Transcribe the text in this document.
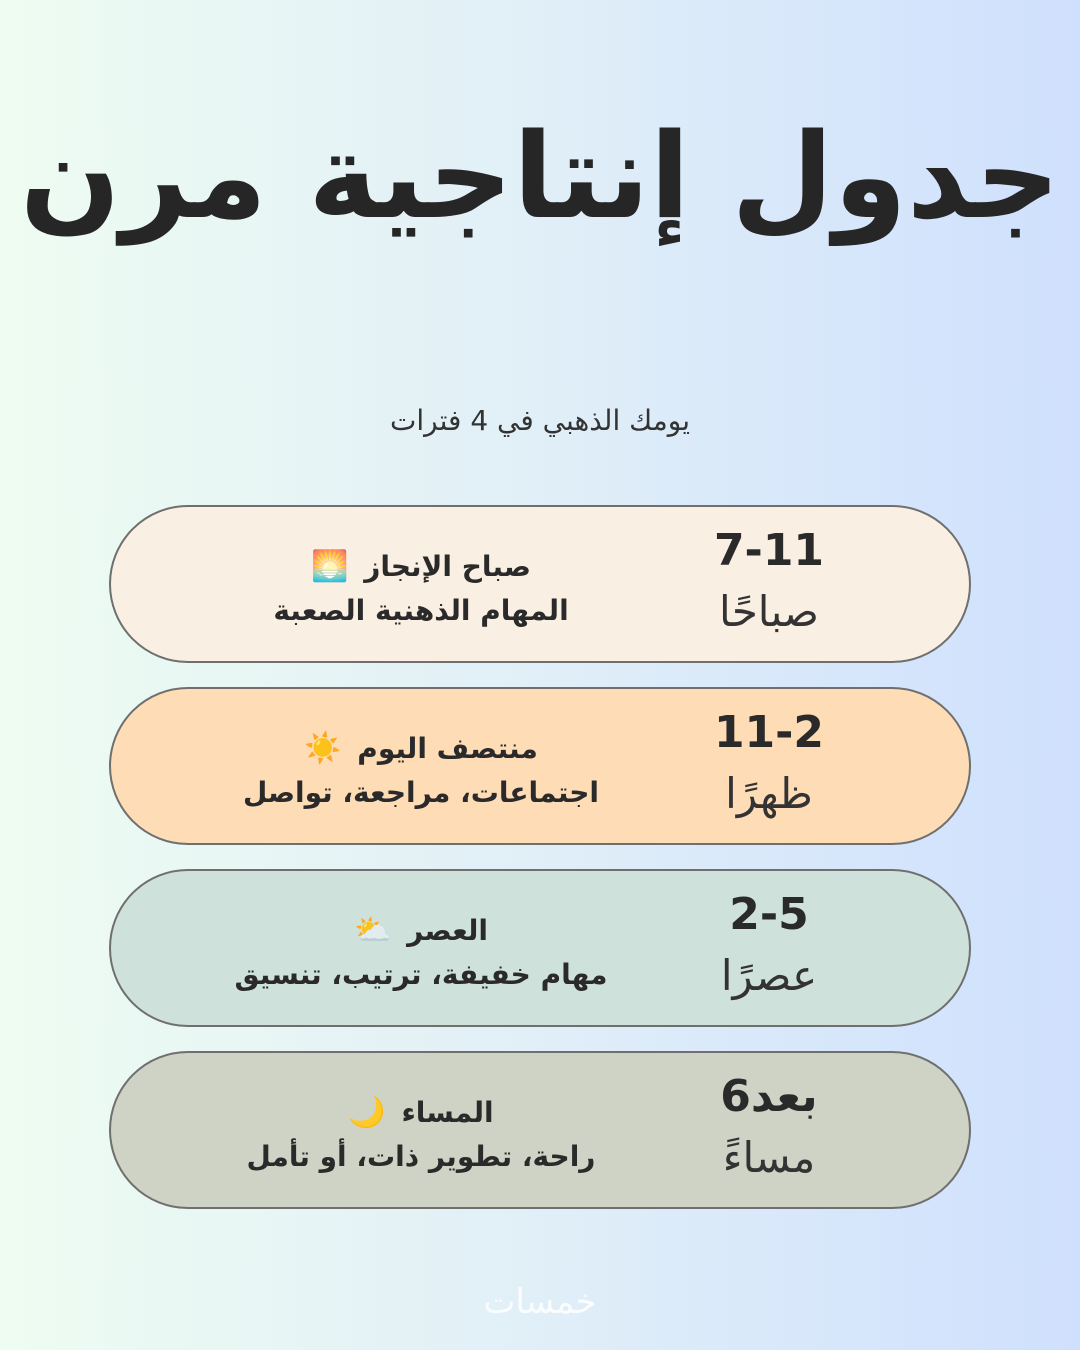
جدول إنتاجية مرن

يومك الذهبي في 4 فترات

7-11
صباحًا
صباح الإنجاز 🌅
المهام الذهنية الصعبة
11-2
ظهرًا
منتصف اليوم ☀️
اجتماعات، مراجعة، تواصل
2-5
عصرًا
العصر ⛅
مهام خفيفة، ترتيب، تنسيق
بعد6
مساءً
المساء 🌙
راحة، تطوير ذات، أو تأمل
خمسات
